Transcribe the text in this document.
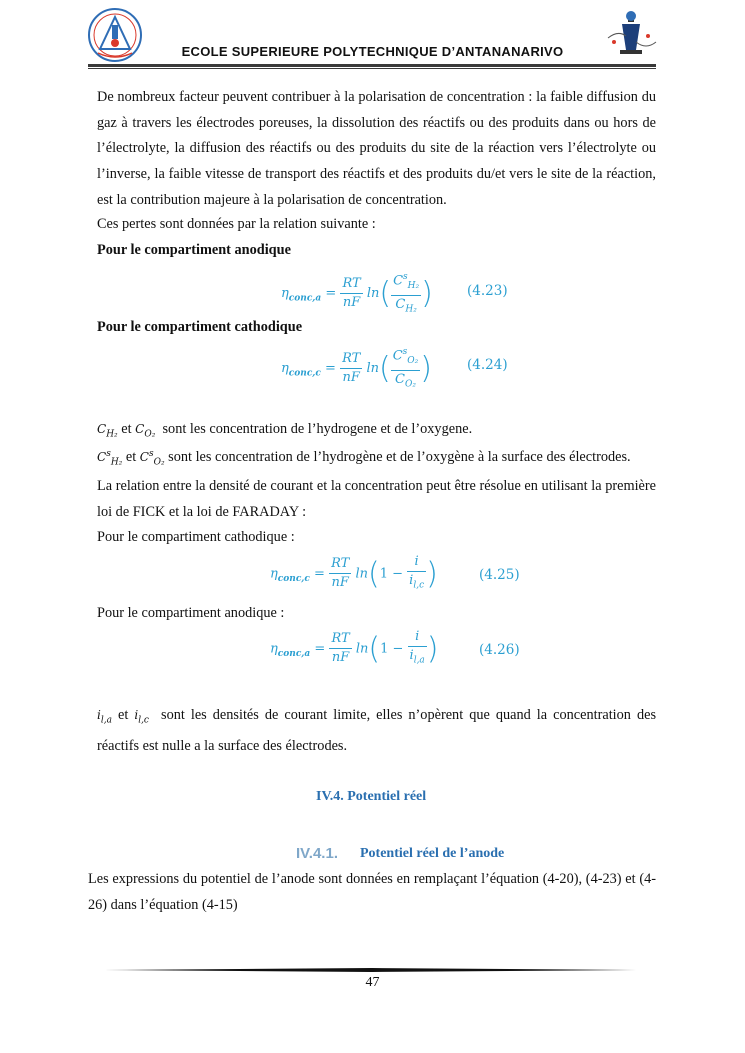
ECOLE SUPERIEURE POLYTECHNIQUE D’ANTANANARIVO
De nombreux facteur peuvent contribuer à la polarisation de concentration : la faible diffusion du gaz à travers les électrodes poreuses, la dissolution des réactifs ou des produits dans ou hors de l’électrolyte, la diffusion des réactifs ou des produits du site de la réaction vers l’électrolyte ou l’inverse, la faible vitesse de transport des réactifs et des produits du/et vers le site de la réaction, est la contribution majeure à la polarisation de concentration.
Ces pertes sont données par la relation suivante :
Pour le compartiment anodique
$\eta_{conc,a} = \frac{RT}{nF} \ln( \frac{C^s_{H_2}}{C_{H_2}}$ )	(4.23)
Pour le compartiment cathodique
$\eta_{conc,c} = \frac{RT}{nF} \ln( \frac{C^s_{O_2}}{C_{O_2}}$ )	(4.24)
$C_{H_2}$ et $C_{O_2}$ sont les concentration de l’hydrogene et de l’oxygene.
$C^s_{H_2}$ et $C^s_{O_2}$ sont les concentration de l’hydrogène et de l’oxygène à la surface des électrodes.
La relation entre la densité de courant et la concentration peut être résolue en utilisant la première loi de FICK et la loi de FARADAY :
Pour le compartiment cathodique :
$\eta_{conc,c} = \frac{RT}{nF} \ln(1 - \frac{i}{i_{l,c}}$ )	(4.25)
Pour le compartiment anodique :
$\eta_{conc,a} = \frac{RT}{nF} \ln(1 - \frac{i}{i_{l,a}}$ )	(4.26)
$i_{l,a}$ et $i_{l,c}$ sont les densités de courant limite, elles n’opèrent que quand la concentration des réactifs est nulle a la surface des électrodes.
IV.4. Potentiel réel
IV.4.1. Potentiel réel de l’anode
Les expressions du potentiel de l’anode sont données en remplaçant l’équation (4-20), (4-23) et (4-26) dans l’équation (4-15)
47
